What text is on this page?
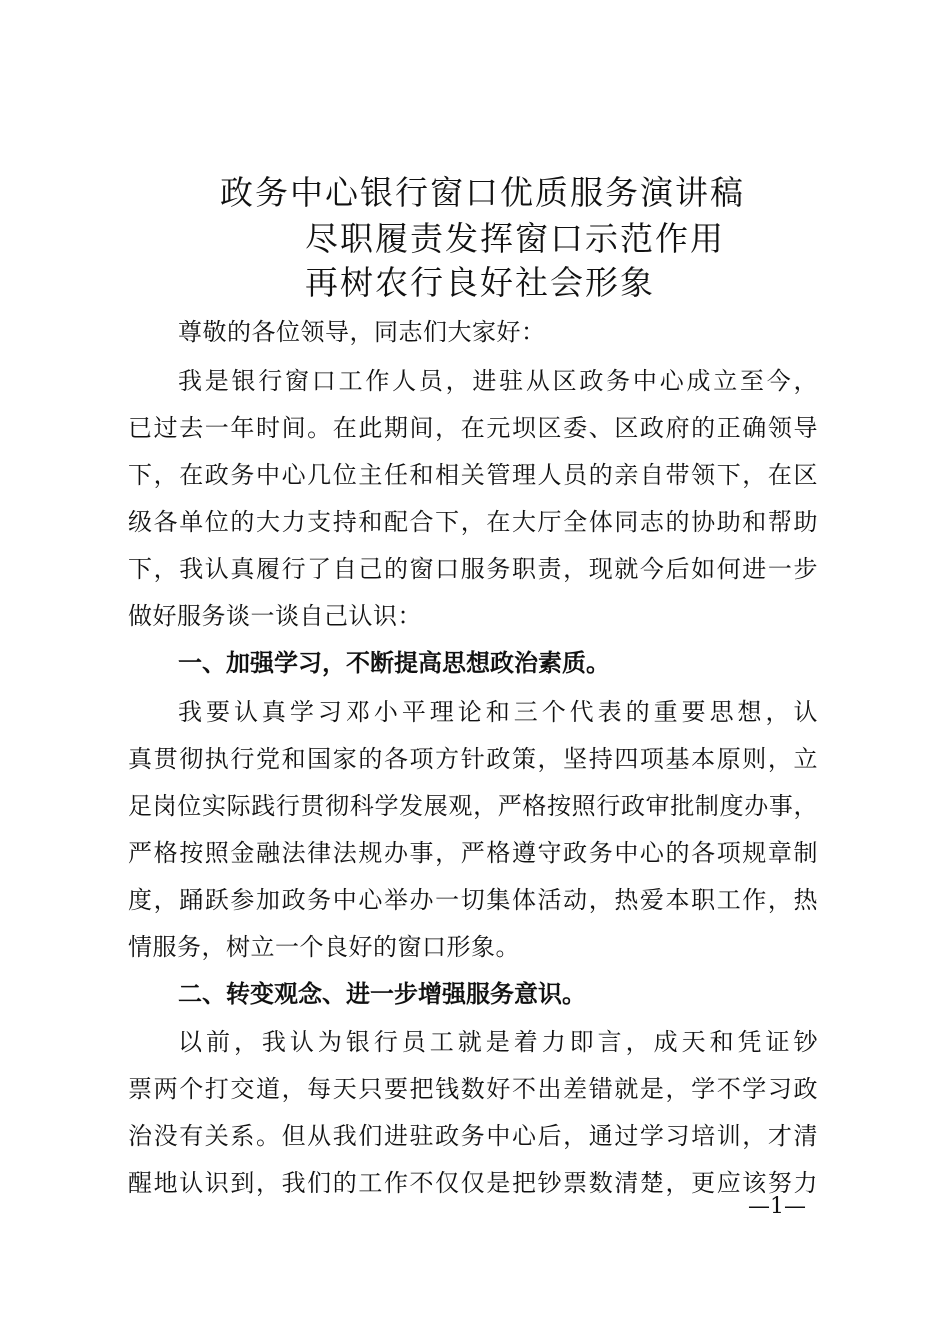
政务中心银行窗口优质服务演讲稿
尽职履责发挥窗口示范作用
再树农行良好社会形象
尊敬的各位领导，同志们大家好：
我是银行窗口工作人员，进驻从区政务中心成立至今，
已过去一年时间。在此期间，在元坝区委、区政府的正确领导
下，在政务中心几位主任和相关管理人员的亲自带领下，在区
级各单位的大力支持和配合下，在大厅全体同志的协助和帮助
下，我认真履行了自己的窗口服务职责，现就今后如何进一步
做好服务谈一谈自己认识：
一、加强学习，不断提高思想政治素质。
我要认真学习邓小平理论和三个代表的重要思想，认
真贯彻执行党和国家的各项方针政策，坚持四项基本原则，立
足岗位实际践行贯彻科学发展观，严格按照行政审批制度办事，
严格按照金融法律法规办事，严格遵守政务中心的各项规章制
度，踊跃参加政务中心举办一切集体活动，热爱本职工作，热
情服务，树立一个良好的窗口形象。
二、转变观念、进一步增强服务意识。
以前，我认为银行员工就是着力即言，成天和凭证钞
票两个打交道，每天只要把钱数好不出差错就是，学不学习政
治没有关系。但从我们进驻政务中心后，通过学习培训，才清
醒地认识到，我们的工作不仅仅是把钞票数清楚，更应该努力
—1—
